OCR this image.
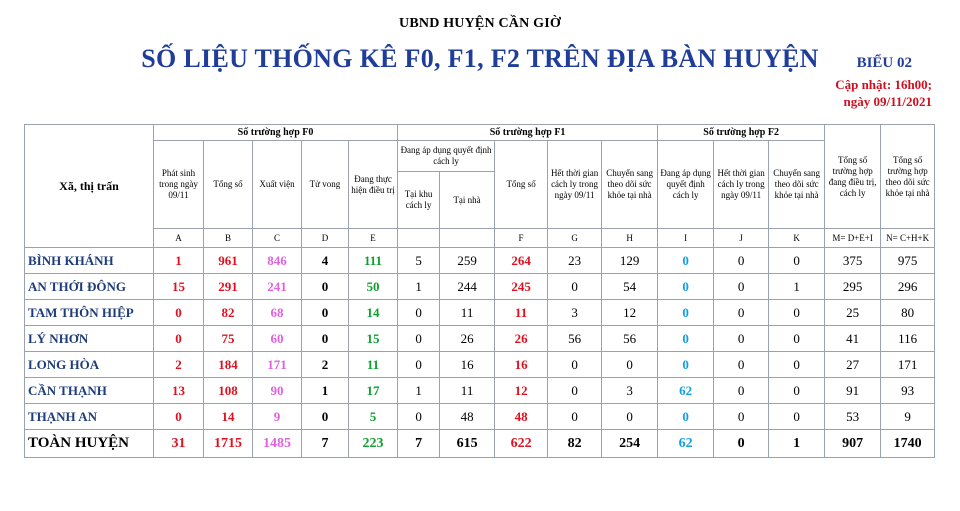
UBND HUYỆN CẦN GIỜ
SỐ LIỆU THỐNG KÊ F0, F1, F2 TRÊN ĐỊA BÀN HUYỆN	BIỂU 02
Cập nhật: 16h00;
ngày 09/11/2021
Xã, thị trấn	Số trường hợp F0					Số trường hợp F1					Số trường hợp F2			Tổng số trường hợp đang điều trị, cách ly	Tổng số trường hợp theo dõi sức khỏe tại nhà
	Phát sinh trong ngày 09/11	Tổng số	Xuất viện	Tử vong	Đang thực hiện điều trị	Đang áp dụng quyết định cách ly		Tổng số	Hết thời gian cách ly trong ngày 09/11	Chuyển sang theo dõi sức khỏe tại nhà	Đang áp dụng quyết định cách ly	Hết thời gian cách ly trong ngày 09/11	Chuyển sang theo dõi sức khỏe tại nhà		
						Tại khu cách ly	Tại nhà								
	A	B	C	D	E			F	G	H	I	J	K	M= D+E+I	N= C+H+K
BÌNH KHÁNH	1	961	846	4	111	5	259	264	23	129	0	0	0	375	975
AN THỚI ĐÔNG	15	291	241	0	50	1	244	245	0	54	0	0	1	295	296
TAM THÔN HIỆP	0	82	68	0	14	0	11	11	3	12	0	0	0	25	80
LÝ NHƠN	0	75	60	0	15	0	26	26	56	56	0	0	0	41	116
LONG HÒA	2	184	171	2	11	0	16	16	0	0	0	0	0	27	171
CẦN THẠNH	13	108	90	1	17	1	11	12	0	3	62	0	0	91	93
THẠNH AN	0	14	9	0	5	0	48	48	0	0	0	0	0	53	9
TOÀN HUYỆN	31	1715	1485	7	223	7	615	622	82	254	62	0	1	907	1740
